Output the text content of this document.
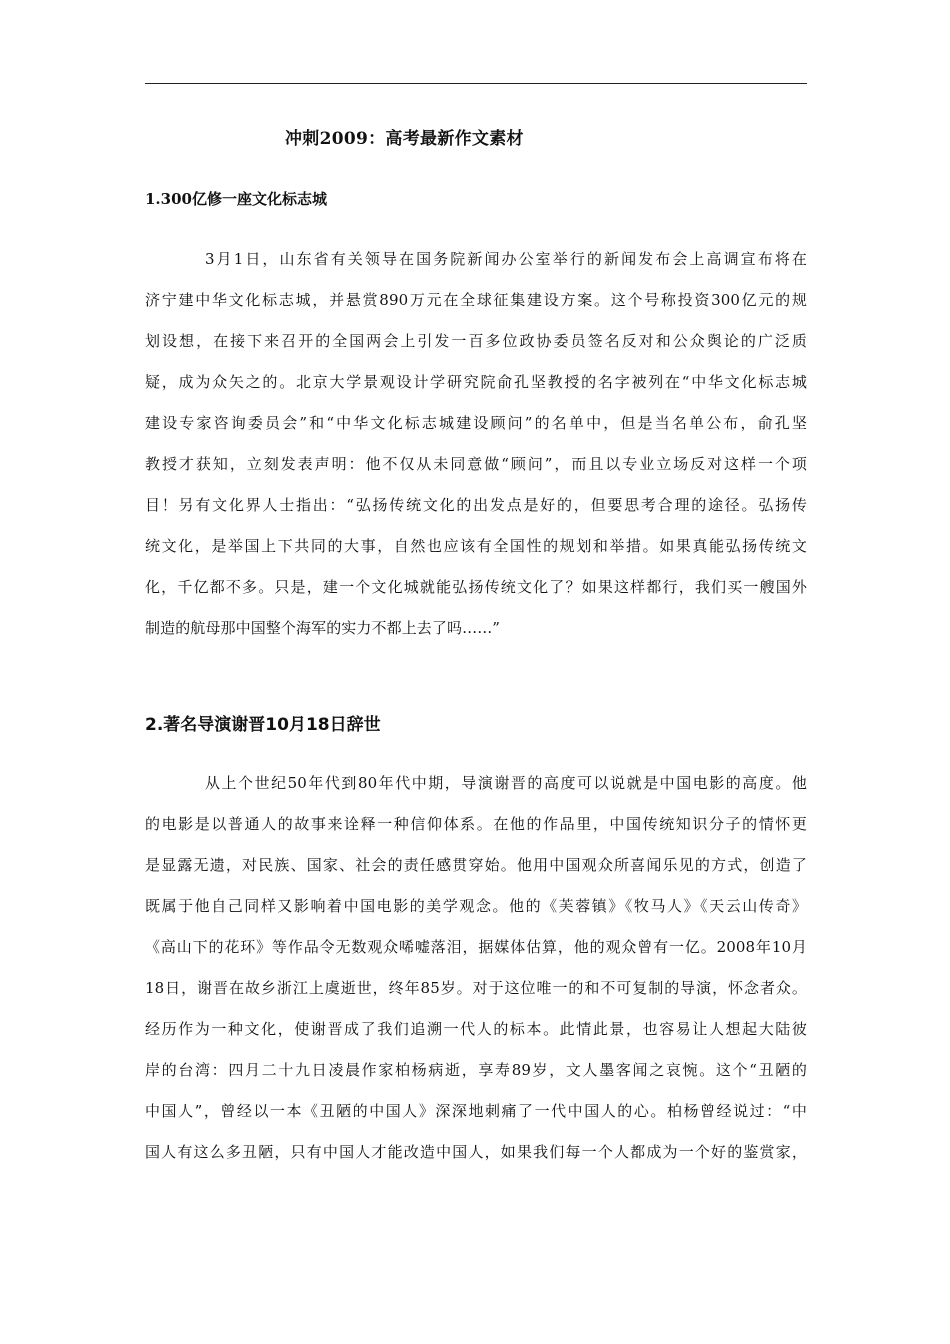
冲刺2009：高考最新作文素材
1.300亿修一座文化标志城
3月1日，山东省有关领导在国务院新闻办公室举行的新闻发布会上高调宣布将在
济宁建中华文化标志城，并悬赏890万元在全球征集建设方案。这个号称投资300亿元的规
划设想，在接下来召开的全国两会上引发一百多位政协委员签名反对和公众舆论的广泛质
疑，成为众矢之的。北京大学景观设计学研究院俞孔坚教授的名字被列在“中华文化标志城
建设专家咨询委员会”和“中华文化标志城建设顾问”的名单中，但是当名单公布，俞孔坚
教授才获知，立刻发表声明：他不仅从未同意做“顾问”，而且以专业立场反对这样一个项
目！另有文化界人士指出：“弘扬传统文化的出发点是好的，但要思考合理的途径。弘扬传
统文化，是举国上下共同的大事，自然也应该有全国性的规划和举措。如果真能弘扬传统文
化，千亿都不多。只是，建一个文化城就能弘扬传统文化了？如果这样都行，我们买一艘国外
制造的航母那中国整个海军的实力不都上去了吗……”
2.著名导演谢晋10月18日辞世
从上个世纪50年代到80年代中期，导演谢晋的高度可以说就是中国电影的高度。他
的电影是以普通人的故事来诠释一种信仰体系。在他的作品里，中国传统知识分子的情怀更
是显露无遗，对民族、国家、社会的责任感贯穿始。他用中国观众所喜闻乐见的方式，创造了
既属于他自己同样又影响着中国电影的美学观念。他的《芙蓉镇》《牧马人》《天云山传奇》
《高山下的花环》等作品令无数观众唏嘘落泪，据媒体估算，他的观众曾有一亿。2008年10月
18日，谢晋在故乡浙江上虞逝世，终年85岁。对于这位唯一的和不可复制的导演，怀念者众。
经历作为一种文化，使谢晋成了我们追溯一代人的标本。此情此景，也容易让人想起大陆彼
岸的台湾：四月二十九日凌晨作家柏杨病逝，享寿89岁，文人墨客闻之哀惋。这个“丑陋的
中国人”，曾经以一本《丑陋的中国人》深深地刺痛了一代中国人的心。柏杨曾经说过：“中
国人有这么多丑陋，只有中国人才能改造中国人，如果我们每一个人都成为一个好的鉴赏家，
